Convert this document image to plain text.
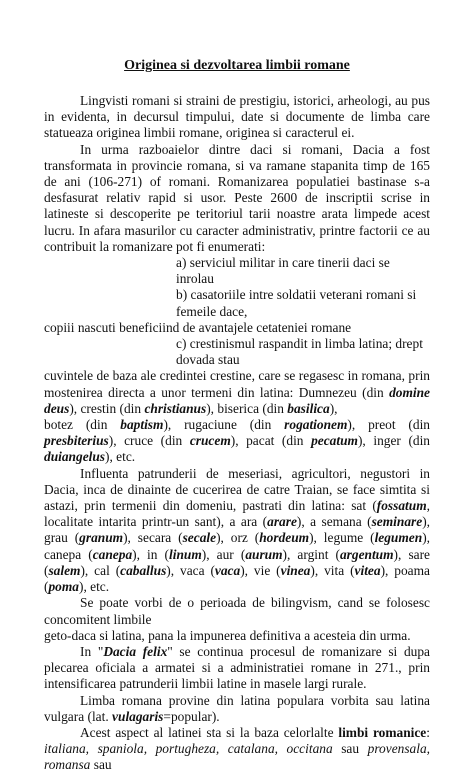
Originea si dezvoltarea limbii romane

Lingvisti romani si straini de prestigiu, istorici, arheologi, au pus in evidenta, in decursul timpului, date si documente de limba care statueaza originea limbii romane, originea si caracterul ei.

In urma razboaielor dintre daci si romani, Dacia a fost transformata in provincie romana, si va ramane stapanita timp de 165 de ani (106-271) of romani. Romanizarea populatiei bastinase s-a desfasurat relativ rapid si usor. Peste 2600 de inscriptii scrise in latineste si descoperite pe teritoriul tarii noastre arata limpede acest lucru. In afara masurilor cu caracter administrativ, printre factorii ce au contribuit la romanizare pot fi enumerati:

a) serviciul militar in care tinerii daci se inrolau

b) casatoriile intre soldatii veterani romani si femeile dace,

copiii nascuti beneficiind de avantajele cetateniei romane

c) crestinismul raspandit in limba latina; drept dovada stau

cuvintele de baza ale credintei crestine, care se regasesc in romana, prin mostenirea directa a unor termeni din latina: Dumnezeu (din domine deus), crestin (din christianus), biserica (din basilica),
botez (din baptism), rugaciune (din rogationem), preot (din presbiterius), cruce (din crucem), pacat (din pecatum), inger (din duiangelus), etc.

Influenta patrunderii de meseriasi, agricultori, negustori in Dacia, inca de dinainte de cucerirea de catre Traian, se face simtita si astazi, prin termenii din domeniu, pastrati din latina: sat (fossatum, localitate intarita printr-un sant), a ara (arare), a semana (seminare), grau (granum), secara (secale), orz (hordeum), legume (legumen), canepa (canepa), in (linum), aur (aurum), argint (argentum), sare (salem), cal (caballus), vaca (vaca), vie (vinea), vita (vitea), poama (poma), etc.

Se poate vorbi de o perioada de bilingvism, cand se folosesc concomitent limbile

geto-daca si latina, pana la impunerea definitiva a acesteia din urma.

In "Dacia felix" se continua procesul de romanizare si dupa plecarea oficiala a armatei si a administratiei romane in 271., prin intensificarea patrunderii limbii latine in masele largi rurale.

Limba romana provine din latina populara vorbita sau latina vulgara (lat. vulagaris=popular).

Acest aspect al latinei sta si la baza celorlalte limbi romanice: italiana, spaniola, portugheza, catalana, occitana sau provensala, romansa sau
